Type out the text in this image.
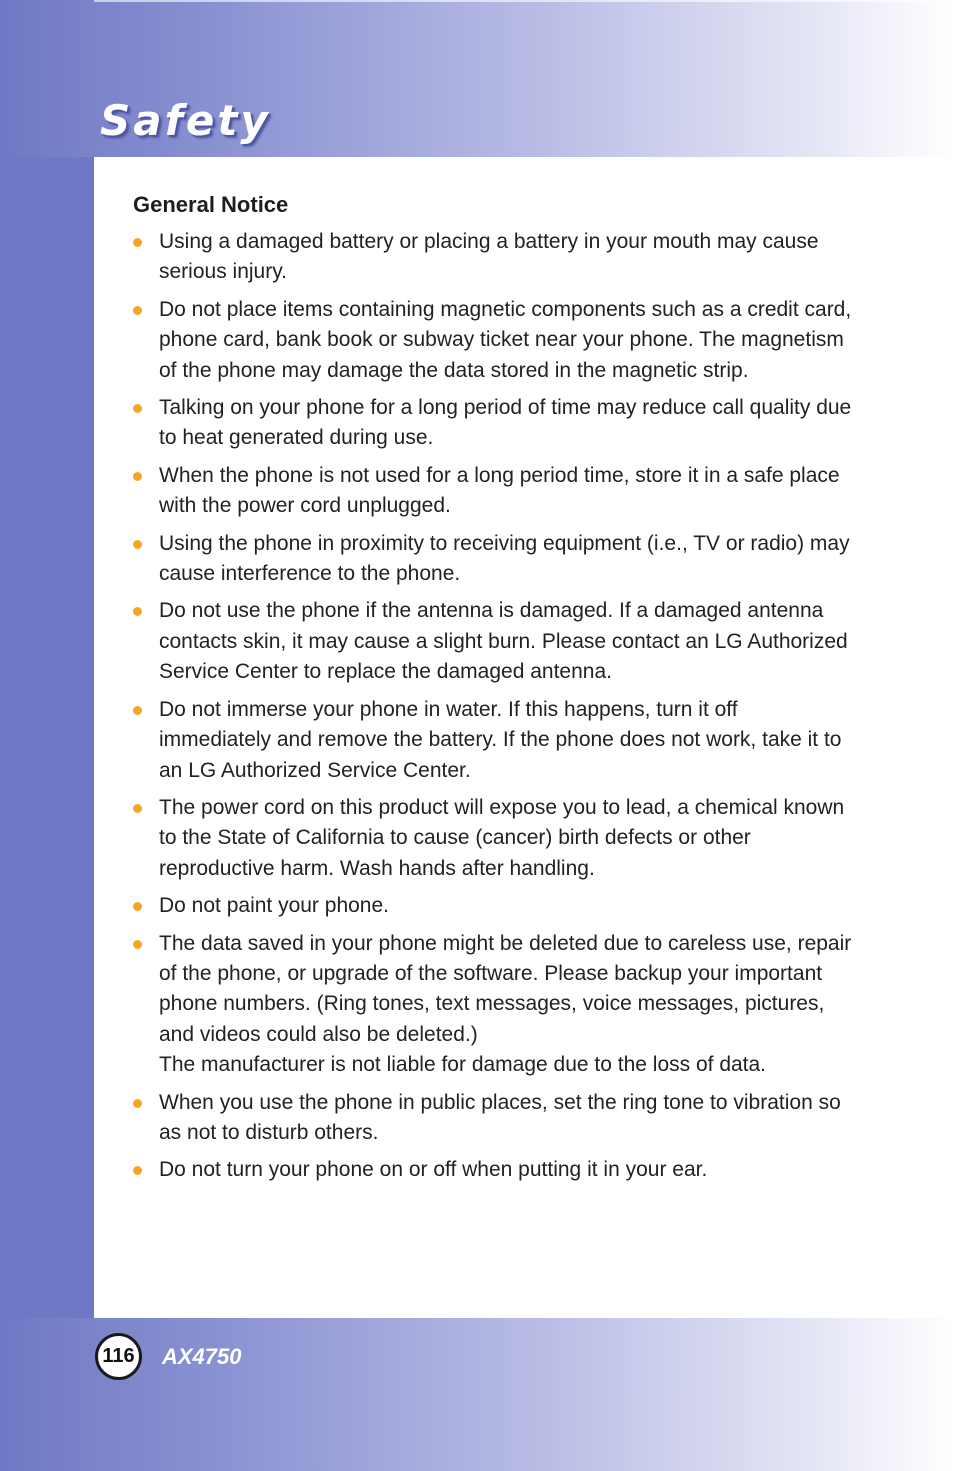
Safety
General Notice
Using a damaged battery or placing a battery in your mouth may cause serious injury.
Do not place items containing magnetic components such as a credit card, phone card, bank book or subway ticket near your phone. The magnetism of the phone may damage the data stored in the magnetic strip.
Talking on your phone for a long period of time may reduce call quality due to heat generated during use.
When the phone is not used for a long period time, store it in a safe place with the power cord unplugged.
Using the phone in proximity to receiving equipment (i.e., TV or radio) may cause interference to the phone.
Do not use the phone if the antenna is damaged. If a damaged antenna contacts skin, it may cause a slight burn. Please contact an LG Authorized Service Center to replace the damaged antenna.
Do not immerse your phone in water. If this happens, turn it off immediately and remove the battery. If the phone does not work, take it to an LG Authorized Service Center.
The power cord on this product will expose you to lead, a chemical known to the State of California to cause (cancer) birth defects or other reproductive harm. Wash hands after handling.
Do not paint your phone.
The data saved in your phone might be deleted due to careless use, repair of the phone, or upgrade of the software. Please backup your important phone numbers. (Ring tones, text messages, voice messages, pictures, and videos could also be deleted.)
The manufacturer is not liable for damage due to the loss of data.
When you use the phone in public places, set the ring tone to vibration so as not to disturb others.
Do not turn your phone on or off when putting it in your ear.
116 AX4750
